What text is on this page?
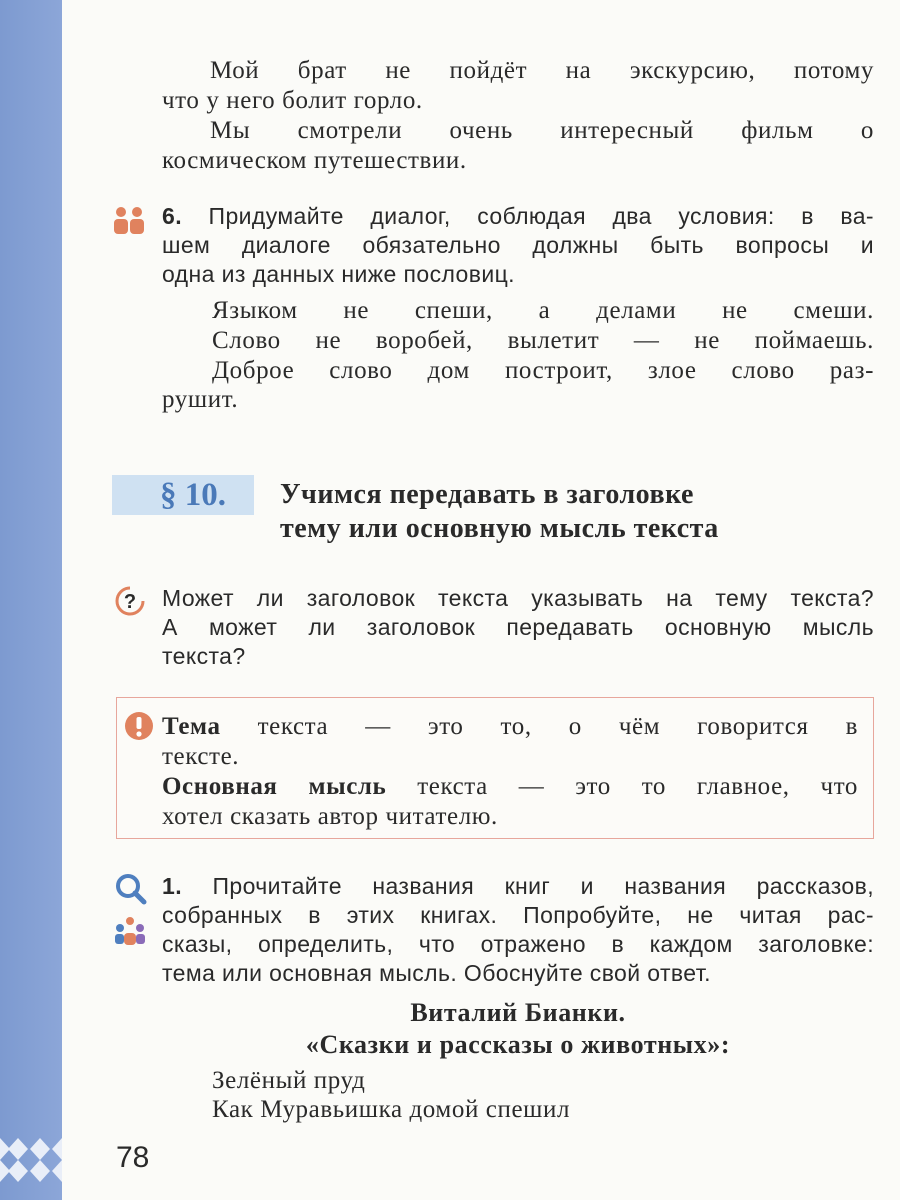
Мой брат не пойдёт на экскурсию, потому
что у него болит горло.

Мы смотрели очень интересный фильм о
космическом путешествии.

6. Придумайте диалог, соблюдая два условия: в ва-
шем диалоге обязательно должны быть вопросы и
одна из данных ниже пословиц.

Языком не спеши, а делами не смеши.
Слово не воробей, вылетит — не поймаешь.
Доброе слово дом построит, злое слово раз-
рушит.
§ 10. Учимся передавать в заголовке
тему или основную мысль текста
? Может ли заголовок текста указывать на тему текста?
А может ли заголовок передавать основную мысль
текста?

Тема текста — это то, о чём говорится в
тексте.
Основная мысль текста — это то главное, что
хотел сказать автор читателю.

1. Прочитайте названия книг и названия рассказов,
собранных в этих книгах. Попробуйте, не читая рас-
сказы, определить, что отражено в каждом заголовке:
тема или основная мысль. Обоснуйте свой ответ.

Виталий Бианки.
«Сказки и рассказы о животных»:
Зелёный пруд
Как Муравьишка домой спешил
78
